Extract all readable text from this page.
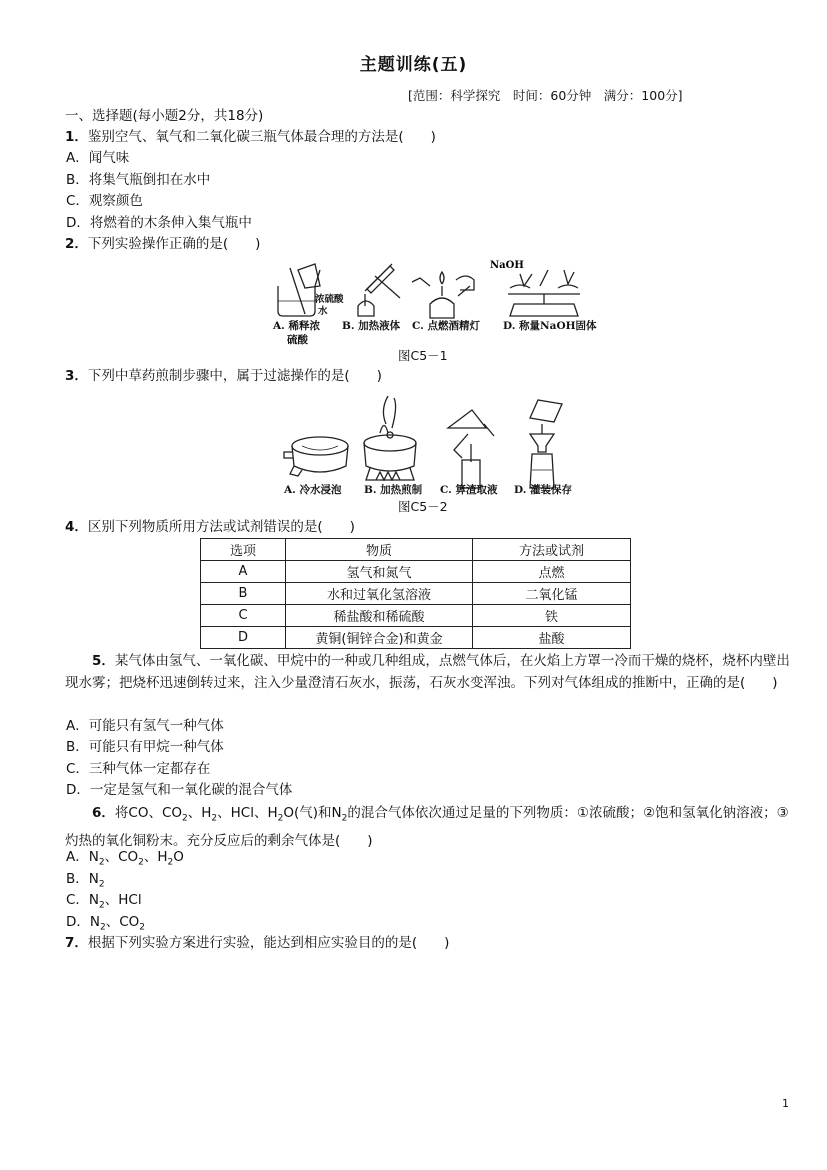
主题训练(五)
[范围：科学探究　时间：60分钟　满分：100分]
一、选择题(每小题2分，共18分)
1．鉴别空气、氧气和二氧化碳三瓶气体最合理的方法是(　　)
A．闻气味
B．将集气瓶倒扣在水中
C．观察颜色
D．将燃着的木条伸入集气瓶中
2．下列实验操作正确的是(　　)
NaOH
浓硫酸
水
A. 稀释浓
硫酸
B. 加热液体 C. 点燃酒精灯 D. 称量NaOH固体
图C5－1
3．下列中草药煎制步骤中，属于过滤操作的是(　　)
A. 冷水浸泡 B. 加热煎制 C. 箅渣取液 D. 灌装保存
图C5－2
4．区别下列物质所用方法或试剂错误的是(　　)
选项	物质	方法或试剂
A	氢气和氮气	点燃
B	水和过氧化氢溶液	二氧化锰
C	稀盐酸和稀硫酸	铁
D	黄铜(铜锌合金)和黄金	盐酸
5．某气体由氢气、一氧化碳、甲烷中的一种或几种组成，点燃气体后，在火焰上方罩一冷而干燥的烧杯，烧杯内壁出现水雾；把烧杯迅速倒转过来，注入少量澄清石灰水，振荡，石灰水变浑浊。下列对气体组成的推断中，正确的是(　　)
A．可能只有氢气一种气体
B．可能只有甲烷一种气体
C．三种气体一定都存在
D．一定是氢气和一氧化碳的混合气体
6．将CO、$CO_2$、$H_2$、HCl、$H_2O$(气)和$N_2$的混合气体依次通过足量的下列物质：①浓硫酸；②饱和氢氧化钠溶液；③灼热的氧化铜粉末。充分反应后的剩余气体是(　　)
A．$N_2$、$CO_2$、$H_2O$
B．$N_2$
C．$N_2$、HCl
D．$N_2$、$CO_2$
7．根据下列实验方案进行实验，能达到相应实验目的的是(　　)
1
